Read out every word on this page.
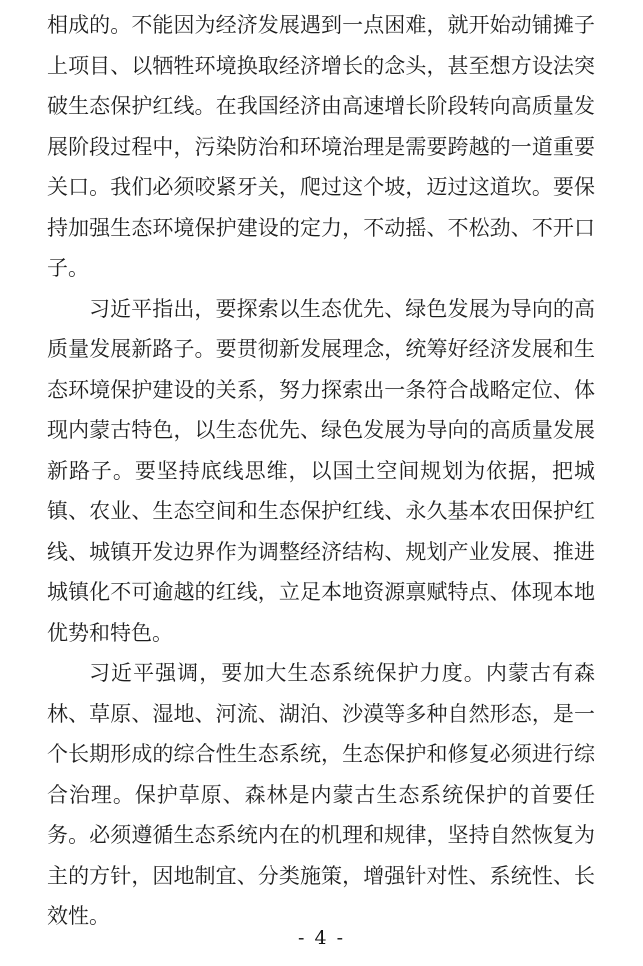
相成的。不能因为经济发展遇到一点困难，就开始动铺摊子上项目、以牺牲环境换取经济增长的念头，甚至想方设法突破生态保护红线。在我国经济由高速增长阶段转向高质量发展阶段过程中，污染防治和环境治理是需要跨越的一道重要关口。我们必须咬紧牙关，爬过这个坡，迈过这道坎。要保持加强生态环境保护建设的定力，不动摇、不松劲、不开口子。

习近平指出，要探索以生态优先、绿色发展为导向的高质量发展新路子。要贯彻新发展理念，统筹好经济发展和生态环境保护建设的关系，努力探索出一条符合战略定位、体现内蒙古特色，以生态优先、绿色发展为导向的高质量发展新路子。要坚持底线思维，以国土空间规划为依据，把城镇、农业、生态空间和生态保护红线、永久基本农田保护红线、城镇开发边界作为调整经济结构、规划产业发展、推进城镇化不可逾越的红线，立足本地资源禀赋特点、体现本地优势和特色。

习近平强调，要加大生态系统保护力度。内蒙古有森林、草原、湿地、河流、湖泊、沙漠等多种自然形态，是一个长期形成的综合性生态系统，生态保护和修复必须进行综合治理。保护草原、森林是内蒙古生态系统保护的首要任务。必须遵循生态系统内在的机理和规律，坚持自然恢复为主的方针，因地制宜、分类施策，增强针对性、系统性、长效性。

- 4 -
